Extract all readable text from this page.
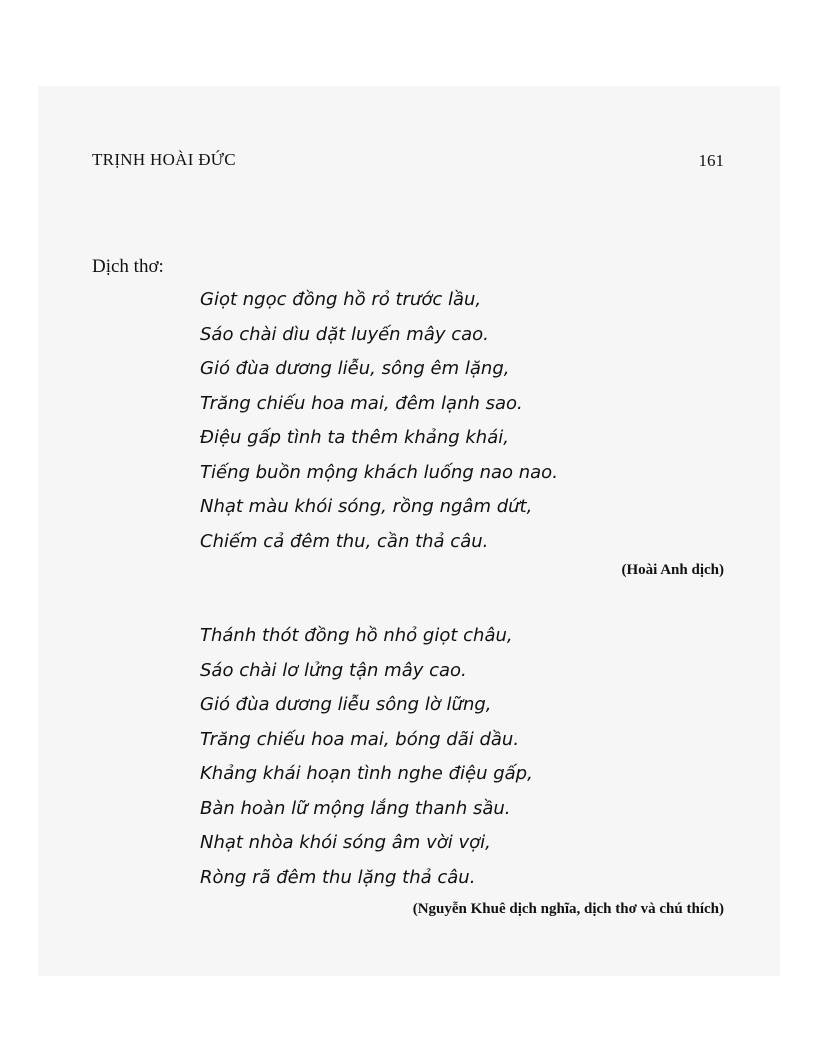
TRỊNH HOÀI ĐỨC	161
Dịch thơ:
Giọt ngọc đồng hồ rỏ trước lầu,
Sáo chài dìu dặt luyến mây cao.
Gió đùa dương liễu, sông êm lặng,
Trăng chiếu hoa mai, đêm lạnh sao.
Điệu gấp tình ta thêm khảng khái,
Tiếng buồn mộng khách luống nao nao.
Nhạt màu khói sóng, rồng ngâm dứt,
Chiếm cả đêm thu, cần thả câu.
(Hoài Anh dịch)
Thánh thót đồng hồ nhỏ giọt châu,
Sáo chài lơ lửng tận mây cao.
Gió đùa dương liễu sông lờ lững,
Trăng chiếu hoa mai, bóng dãi dầu.
Khảng khái hoạn tình nghe điệu gấp,
Bàn hoàn lữ mộng lắng thanh sầu.
Nhạt nhòa khói sóng âm vời vợi,
Ròng rã đêm thu lặng thả câu.
(Nguyễn Khuê dịch nghĩa, dịch thơ và chú thích)
